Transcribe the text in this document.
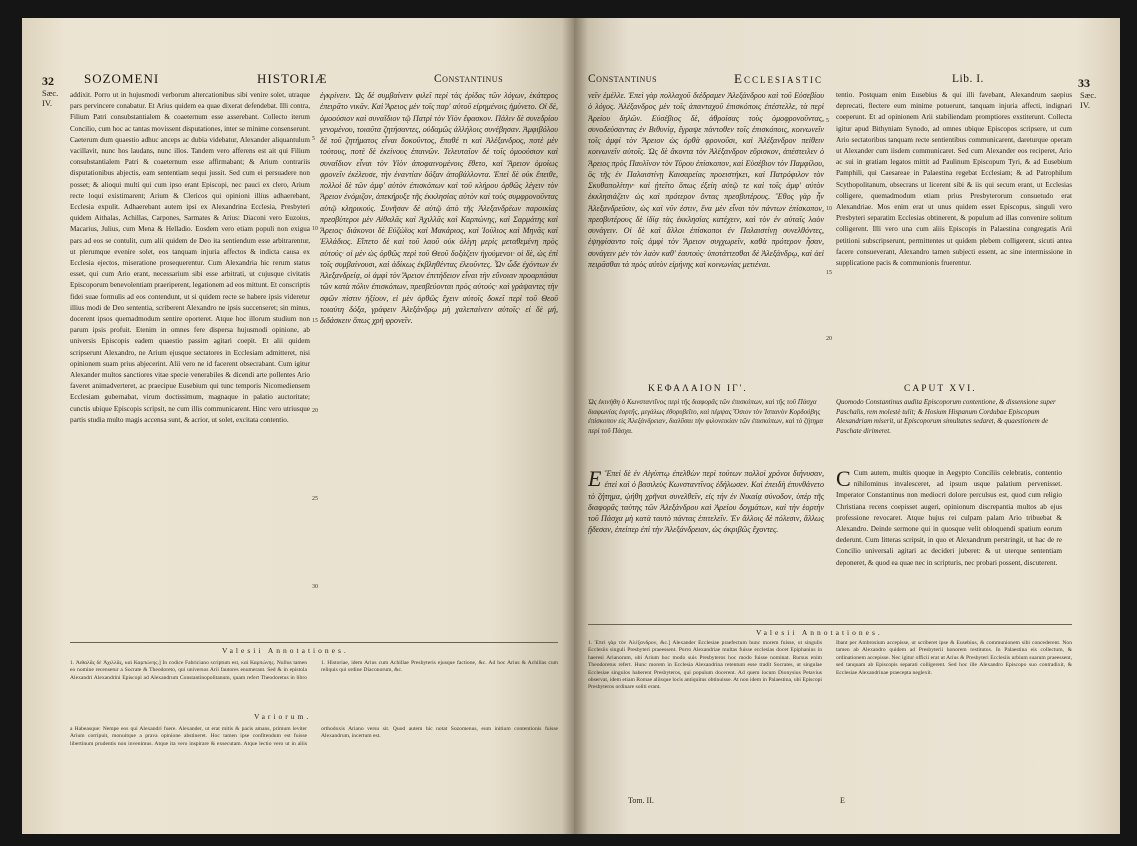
32
Sæc.
IV.
SOZOMENI	HISTORIÆ	Constantinus

addixit. Porro ut in hujusmodi verborum altercationibus sibi venire solet, utraque pars pervincere conabatur. Et Arius quidem ea quae dixerat defendebat. Illi contra, Filium Patri consubstantialem & coaeternum esse asserebant. Collecto iterum Concilio, cum hoc ac tantas movissent disputationes, inter se minime consenserunt. Caeterum dum quaestio adhuc anceps ac dubia videbatur, Alexander aliquantulum vacillavit, nunc hos laudans, nunc illos. Tandem vero afferens est ait qui Filium consubstantialem Patri & coaeternum esse affirmabant; & Arium contrariis disputationibus abjectis, eam sententiam sequi jussit. Sed cum ei persuadere non posset; & alioqui multi qui cum ipso erant Episcopi, nec pauci ex clero, Arium recte loqui existimarent; Arium & Clericos qui opinioni illius adhaerebant, Ecclesia expulit. Adhaerebant autem ipsi ex Alexandrina Ecclesia, Presbyteri quidem Aithalas, Achillas, Carpones, Sarmates & Arius: Diaconi vero Euzoius, Macarius, Julius, cum Mena & Helladio. Eosdem vero etiam populi non exigua pars ad eos se contulit, cum alii quidem de Deo ita sentiendum esse arbitrarentur, ut plerumque evenire solet, eos tanquam injuria affectos & indicta causa ex Ecclesia ejectos, miseratione prosequerentur. Cum Alexandria hic rerum status esset, qui cum Ario erant, necessarium sibi esse arbitrati, ut cujusque civitatis Episcoporum benevolentiam praeriperent, legationem ad eos mittunt. Et conscriptis fidei suae formulis ad eos contendunt, ut si quidem recte se habere ipsis videretur illius modi de Deo sententia, scriberent Alexandro ne ipsis succenseret; sin minus, docerent ipsos quemadmodum sentire oporteret. Atque hoc illorum studium non parum ipsis profuit. Etenim in omnes fere dispersa hujusmodi opinione, ab universis Episcopis eadem quaestio passim agitari coepit. Et alii quidem scripserunt Alexandro, ne Arium ejusque sectatores in Ecclesiam admitteret, nisi opinionem suam prius abjecerint. Alii vero ne id facerent obsecrabant. Cum igitur Alexander multos sanctiores vitae specie venerabiles & dicendi arte pollentes Ario faveret animadverteret, ac praecipue Eusebium qui tunc temporis Nicomediensem Ecclesiam gubernabat, virum doctissimum, magnaque in palatio auctoritate; cunctis ubique Episcopis scripsit, ne cum illis communicarent. Hinc vero utriusque partis studia multo magis accensa sunt, & acrior, ut solet, excitata contentio.

ἐγκρίνειν. Ὡς δὲ συμβαίνειν φιλεῖ περὶ τὰς ἐρίδας τῶν λόγων, ἑκάτερος ἐπειρᾶτο νικᾶν. Καὶ Ἄρειος μὲν τοῖς παρ' αὐτοῦ εἰρημένοις ἠμύνετο. Οἱ δὲ, ὁμοούσιον καὶ συναΐδιον τῷ Πατρὶ τὸν Υἱὸν ἔφασκον. Πάλιν δὲ συνεδρίου γενομένου, τοιαῦτα ζητήσαντες, οὐδαμῶς ἀλλήλοις συνέβησαν. Ἀμφιβόλου δὲ τοῦ ζητήματος εἶναι δοκοῦντος, ἔπαθέ τι καὶ Ἀλέξανδρος, ποτὲ μὲν τούτους, ποτὲ δὲ ἐκείνους ἐπαινῶν. Τελευταῖον δὲ τοῖς ὁμοούσιον καὶ συναΐδιον εἶναι τὸν Υἱὸν ἀποφαινομένοις ἔθετο, καὶ Ἄρειον ὁμοίως φρονεῖν ἐκέλευσε, τὴν ἐναντίαν δόξαν ἀποβάλλοντα. Ἐπεὶ δὲ οὐκ ἔπειθε, πολλοὶ δὲ τῶν ἀμφ' αὐτὸν ἐπισκόπων καὶ τοῦ κλήρου ὀρθῶς λέγειν τὸν Ἄρειον ἐνόμιζον, ἀπεκήρυξε τῆς ἐκκλησίας αὐτὸν καὶ τοὺς συμφρονοῦντας αὐτῷ κληρικούς. Συνῆσαν δὲ αὐτῷ ἀπὸ τῆς Ἀλεξανδρέων παροικίας πρεσβύτεροι μὲν Αἰθαλᾶς καὶ Ἀχιλλᾶς καὶ Καρπώνης, καὶ Σαρμάτης καὶ Ἄρειος· διάκονοι δὲ Εὐζώϊος καὶ Μακάριος, καὶ Ἰούλιος καὶ Μηνᾶς καὶ Ἑλλάδιος. Εἵπετο δὲ καὶ τοῦ λαοῦ οὐκ ὀλίγη μερὶς μεταθεμένη πρὸς αὐτούς· οἱ μὲν ὡς ὀρθῶς περὶ τοῦ Θεοῦ δοξάζειν ἡγούμενοι· οἱ δὲ, ὡς ἐπὶ τοῖς συμβαίνουσι, καὶ ἀδίκως ἐκβληθέντας ἐλεοῦντες. Ὧν ὧδε ἐχόντων ἐν Ἀλεξανδρείᾳ, οἱ ἀμφὶ τὸν Ἄρειον ἐπιτήδειον εἶναι τὴν εὔνοιαν προαρπάσαι τῶν κατὰ πόλιν ἐπισκόπων, πρεσβεύονται πρὸς αὐτούς· καὶ γράψαντες τὴν σφῶν πίστιν ἠξίουν, εἰ μὲν ὀρθῶς ἔχειν αὐτοῖς δοκεῖ περὶ τοῦ Θεοῦ τοιαύτη δόξα, γράφειν Ἀλεξάνδρῳ μὴ χαλεπαίνειν αὐτοῖς· εἰ δὲ μή, διδάσκειν ὅπως χρὴ φρονεῖν.

5
10
15
20
25
30
Valesii Annotationes.
1. Ἀιθαλᾶς δὲ Ἀχιλλᾶς, καὶ Καρπώνης.] In codice Fabriciano scriptum est, καὶ Καρπώνης. Nullus tamen eo nomine recensetur a Socrate & Theodoreto, qui universos Arii fautores enumerant. Sed & in epistola Alexandri Alexandrini Episcopi ad Alexandrum Constantinopolitanum, quam refert Theodoretus in libro 1. Historiae, idem Arius cum Achillae Presbyteris ejusque factione, &c. Ad hoc Arius & Achillas cum reliquis qui ordine Diaconorum, &c.
Variorum.
a Habeasque: Nempe eos qui Alexandri fuere. Alexander, ut erat mitis & pacis amans, primum leviter Arium corripuit, monuitque a prava opinione abstineret. Hoc tamen ipse confitendum est fuisse libertinum prudentis non invenimus. Atque ita vero inspirare & exsecutam. Atque lectio vero ut in aliis orthodoxis Ariano versu sit. Quod autem hic notat Sozomenus, eum initium contentionis fuisse Alexandrum, incertum est.
Constantinus	Ecclesiastic	Lib. I.	33
Sæc.
IV.

νεῖν ἐμέλλε. Ἐπεὶ γὰρ πολλαχοῦ διέδραμεν Ἀλεξάνδρου καὶ τοῦ Εὐσεβίου ὁ λόγος. Ἀλέξανδρος μὲν τοῖς ἁπανταχοῦ ἐπισκόποις ἐπέστελλε, τὰ περὶ Ἀρείου δηλῶν. Εὐσέβιος δὲ, ἀθροίσας τοὺς ὁμοφρονοῦντας, συνοδεύσαντας ἐν Βιθυνίᾳ, ἔγραψε πάντοθεν τοῖς ἐπισκόποις, κοινωνεῖν τοῖς ἀμφὶ τὸν Ἄρειον ὡς ὀρθὰ φρονοῦσι, καὶ Ἀλέξανδρον πείθειν κοινωνεῖν αὐτοῖς. Ὡς δὲ ἄκοντα τὸν Ἀλέξανδρον εὕρισκον, ἀπέστειλεν ὁ Ἄρειος πρὸς Παυλῖνον τὸν Τύρου ἐπίσκοπον, καὶ Εὐσέβιον τὸν Παμφίλου, ὃς τῆς ἐν Παλαιστίνῃ Καισαρείας προειστήκει, καὶ Πατρόφιλον τὸν Σκυθοπολίτην· καὶ ᾐτεῖτο ὅπως ἐξείη αὐτῷ τε καὶ τοῖς ἀμφ' αὐτὸν ἐκκλησιάζειν ὡς καὶ πρότερον ὄντας πρεσβυτέρους. Ἔθος γὰρ ἦν Ἀλεξανδρεῦσιν, ὡς καὶ νῦν ἐστιν, ἕνα μὲν εἶναι τὸν πάντων ἐπίσκοπον, πρεσβυτέρους δὲ ἰδίᾳ τὰς ἐκκλησίας κατέχειν, καὶ τὸν ἐν αὐταῖς λαὸν συνάγειν. Οἱ δὲ καὶ ἄλλοι ἐπίσκοποι ἐν Παλαιστίνῃ συνελθόντες, ἐψηφίσαντο τοῖς ἀμφὶ τὸν Ἄρειον συγχωρεῖν, καθὰ πρότερον ἦσαν, συνάγειν μὲν τὸν λαὸν καθ' ἑαυτούς· ὑποτάττεσθαι δὲ Ἀλεξάνδρῳ, καὶ ἀεὶ πειρᾶσθαι τὰ πρὸς αὐτὸν εἰρήνης καὶ κοινωνίας μετιέναι.

tentio. Postquam enim Eusebius & qui illi favebant, Alexandrum saepius deprecati, flectere eum minime potuerunt, tanquam injuria affecti, indignari coeperunt. Et ad opinionem Arii stabiliendam promptiores exstiterunt. Collecta igitur apud Bithyniam Synodo, ad omnes ubique Episcopos scripsere, ut cum Ario sectatoribus tanquam recte sentientibus communicarent, dareturque operam ut Alexander cum iisdem communicaret. Sed cum Alexander eos reciperet, Ario ac sui in gratiam legatos mittit ad Paulinum Episcopum Tyri, & ad Eusebium Pamphili, qui Caesareae in Palaestina regebat Ecclesiam; & ad Patrophilum Scythopolitanum, obsecrans ut licerent sibi & iis qui secum erant, ut Ecclesias colligere, quemadmodum etiam prius Presbyterorum consuetudo erat Alexandriae. Mos enim erat ut unus quidem esset Episcopus, singuli vero Presbyteri separatim Ecclesias obtinerent, & populum ad illas convenire solitum colligerent. Illi vero una cum aliis Episcopis in Palaestina congregatis Arii petitioni subscripserunt, permittentes ut quidem plebem colligerent, sicuti antea facere consueverant, Alexandro tamen subjecti essent, ac sine intermissione in supplicatione pacis & communionis fruerentur.

5
10
15
20
ΚΕΦΑΛΑΙΟΝ ΙΓ'.	CAPUT XVI.
Ὡς ἐκινήθη ὁ Κωνσταντῖνος περὶ τῆς διαφορᾶς τῶν ἐπισκόπων, καὶ τῆς τοῦ Πάσχα διαφωνίας ἑορτῆς, μεγάλως ἐθορυβεῖτο, καὶ πέμψας Ὅσιον τὸν Ἱσπανὸν Κορδούβης ἐπίσκοπον εἰς Ἀλεξάνδρειαν, διαλῦσαι τὴν φιλονεικίαν τῶν ἐπισκόπων, καὶ τὸ ζήτημα περὶ τοῦ Πάσχα.
Quomodo Constantinus audita Episcoporum contentione, & dissensione super Paschalis, rem molestè tulit; & Hosium Hispanum Cordubae Episcopum Alexandriam miserit, ut Episcoporum simultates sedaret, & quaestionem de Paschate dirimeret.
Ε Ἔπεὶ δὲ ἐν Αἰγύπτῳ ἐπελθὼν περὶ τούτων πολλοὶ χρόνοι διήνυσαν, ἐπεὶ καὶ ὁ βασιλεὺς Κωνσταντῖνος ἐδήλωσεν. Καὶ ἐπειδὴ ἐπυνθάνετο τὸ ζήτημα, ᾠήθη χρῆναι συνελθεῖν, εἰς τὴν ἐν Νικαίᾳ σύνοδον, ὑπὲρ τῆς διαφορᾶς ταύτης τῶν Ἀλεξάνδρου καὶ Ἀρείου δογμάτων, καὶ τὴν ἑορτὴν τοῦ Πάσχα μὴ κατὰ ταυτὸ πάντας ἐπιτελεῖν. Ἐν ἄλλοις δὲ πόλεσιν, ἄλλως ᾔδεσαν, ἐπείπερ ἐπὶ τὴν Ἀλεξάνδρειαν, ὡς ἀκριβῶς ἔχοντες.

C Cum autem, multis quoque in Aegypto Conciliis celebratis, contentio nihilominus invalesceret, ad ipsum usque palatium pervenisset. Imperator Constantinus non mediocri dolore perculsus est, quod cum religio Christiana recens coepisset augeri, opinionum discrepantia multos ab ejus professione revocaret. Atque hujus rei culpam palam Ario tribuebat & Alexandro. Deinde sermone qui in quosque velit obloquendi spatium eorum dederunt. Cum litteras scripsit, in quo et Alexandrum perstringit, ut hac de re Concilio universali agitari ac decideri juberet: & ut uterque sententiam deponeret, & quod ea quae nec in scripturis, nec probari possent, discuterent.

Valesii Annotationes.
1. Ἐπεὶ γὰρ τὸν Ἀλέξανδρον, &c.] Alexander Ecclesiae praefectum hunc morem fuisse, ut singulis Ecclesiis singuli Presbyteri praeessent. Porro Alexandriae multas fuisse ecclesias docet Epiphanius in haeresi Arianorum, ubi Arium hoc modo suis Presbyteros hoc modo fuisse nominat. Rursus enim Theodoretus refert. Hunc morem in Ecclesia Alexandrina retentum esse tradit Socrates, ut singulae Ecclesiae singulos haberent Presbyteros, qui populum docerent. Ad quem locum Dionysius Petavius observat, idem etiam Romae aliisque locis antiquitus obtinuisse. At non idem in Palaestina, ubi Episcopi Presbyteros ordinare soliti erant.
Ibant per Ambrosium accepisse, ut scriberet ipse & Eusebius, & communionem sibi concederent. Non tamen ab Alexandro quidem ad Presbyterii honorem restitutos. In Palaestina eis collectum, & ordinationem accepisse. Nec igitur officii erat ut Arius & Presbyteri Ecclesiis urbium suarum praeessent, sed tanquam ab Episcopis separati colligerent. Sed hoc ille Alexandro Episcopo suo contradixit, & Ecclesiae Alexandrinae praecepta neglexit.
Tom. II.	E
